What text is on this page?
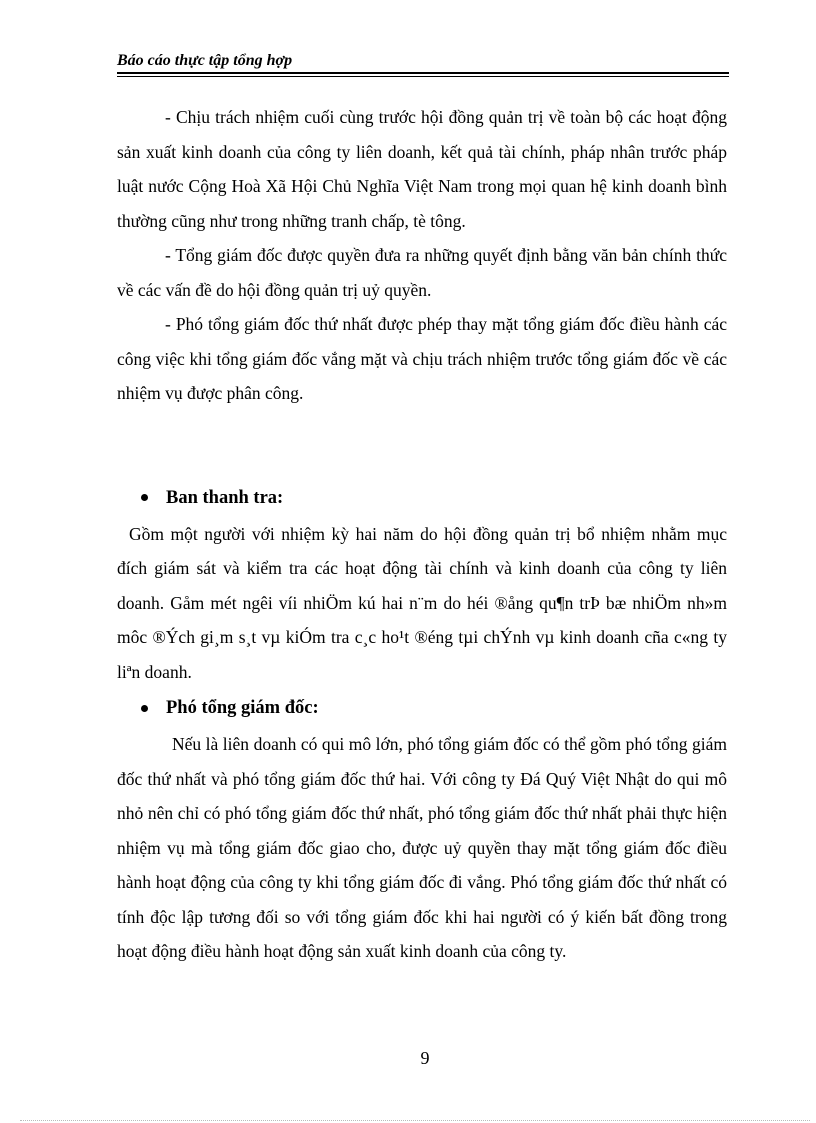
Báo cáo thực tập tổng hợp

- Chịu trách nhiệm cuối cùng trước hội đồng quản trị về toàn bộ các hoạt động sản xuất kinh doanh của công ty liên doanh, kết quả tài chính, pháp nhân trước pháp luật nước Cộng Hoà Xã Hội Chủ Nghĩa Việt Nam trong mọi quan hệ kinh doanh bình thường cũng như trong những tranh chấp, tè tông.

- Tổng giám đốc được quyền đưa ra những quyết định bằng văn bản chính thức về các vấn đề do hội đồng quản trị uỷ quyền.

- Phó tổng giám đốc thứ nhất được phép thay mặt tổng giám đốc điều hành các công việc khi tổng giám đốc vắng mặt và chịu trách nhiệm trước tổng giám đốc về các nhiệm vụ được phân công.

Ban thanh tra:

Gồm một người với nhiệm kỳ hai năm do hội đồng quản trị bổ nhiệm nhằm mục đích giám sát và kiểm tra các hoạt động tài chính và kinh doanh của công ty liên doanh. Gåm mét ngêi víi nhiÖm kú hai n¨m do héi ®ång qu¶n trÞ bæ nhiÖm nh»m môc ®Ých gi¸m s¸t vµ kiÓm tra c¸c ho¹t ®éng tµi chÝnh vµ kinh doanh cña c«ng ty liªn doanh.

Phó tổng giám đốc:

Nếu là liên doanh có qui mô lớn, phó tổng giám đốc có thể gồm phó tổng giám đốc thứ nhất và phó tổng giám đốc thứ hai. Với công ty Đá Quý Việt Nhật do qui mô nhỏ nên chỉ có phó tổng giám đốc thứ nhất, phó tổng giám đốc thứ nhất phải thực hiện nhiệm vụ mà tổng giám đốc giao cho, được uỷ quyền thay mặt tổng giám đốc điều hành hoạt động của công ty khi tổng giám đốc đi vắng. Phó tổng giám đốc thứ nhất có tính độc lập tương đối so với tổng giám đốc khi hai người có ý kiến bất đồng trong hoạt động điều hành hoạt động sản xuất kinh doanh của công ty.

9
